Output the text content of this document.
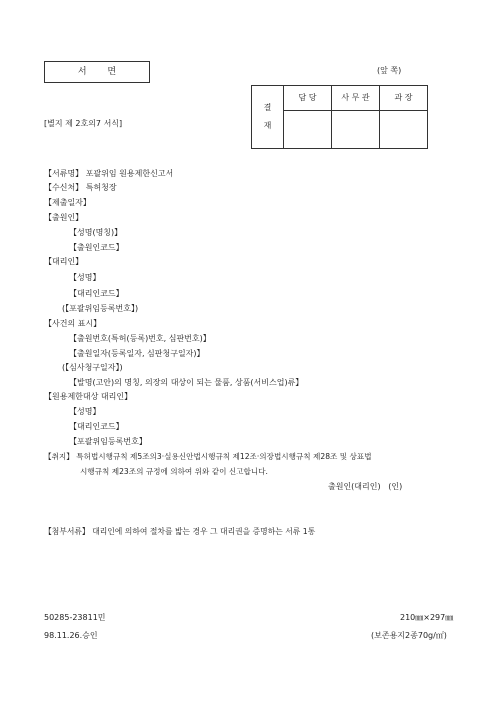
서 면	(앞 쪽)
[별지 제 2호의7 서식]
결
재	담 당	사 무 관	과 장

【서류명】 포괄위임 원용제한신고서
【수신처】 특허청장
【제출일자】
【출원인】
【성명(명칭)】
【출원인코드】
【대리인】
【성명】
【대리인코드】
(【포괄위임등록번호】)
【사건의 표시】
【출원번호(특허(등록)번호, 심판번호)】
【출원일자(등록일자, 심판청구일자)】
(【심사청구일자】)
【발명(고안)의 명칭, 의장의 대상이 되는 물품, 상품(서비스업)류】
【원용제한대상 대리인】
【성명】
【대리인코드】
【포괄위임등록번호】
【취지】 특허법시행규칙 제5조의3·실용신안법시행규칙 제12조·의장법시행규칙 제28조 및 상표법
시행규칙 제23조의 규정에 의하여 위와 같이 신고합니다.
출원인(대리인)   (인)
【첨부서류】 대리인에 의하여 절차를 밟는 경우 그 대리권을 증명하는 서류 1통
50285-23811민
98.11.26.승인
210㎜×297㎜
(보존용지2종70g/㎡)
